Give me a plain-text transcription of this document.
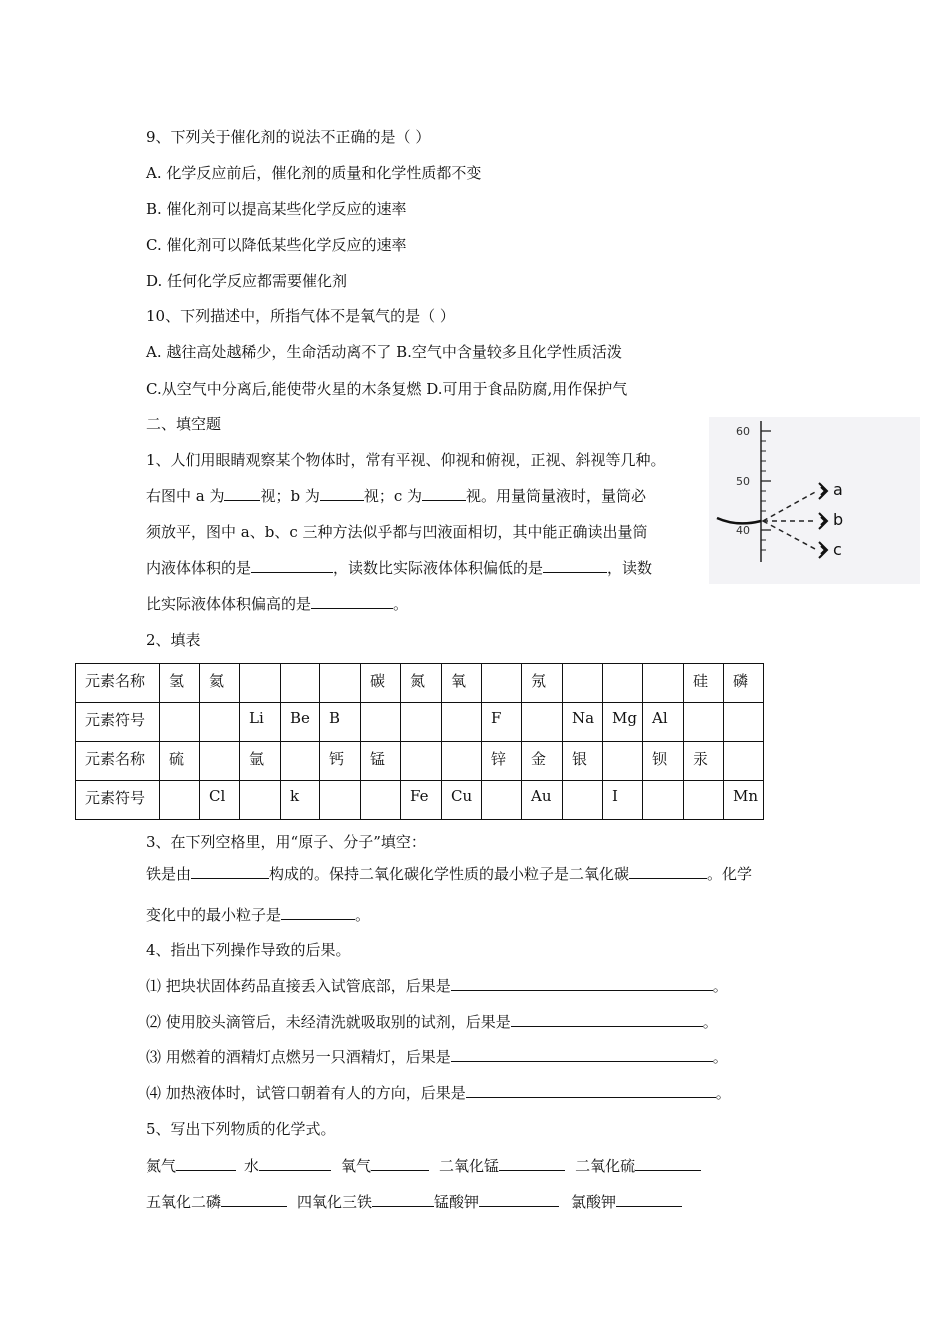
9、下列关于催化剂的说法不正确的是（ ）
A. 化学反应前后，催化剂的质量和化学性质都不变
B. 催化剂可以提高某些化学反应的速率
C. 催化剂可以降低某些化学反应的速率
D. 任何化学反应都需要催化剂
10、下列描述中，所指气体不是氧气的是（ ）
A. 越往高处越稀少，生命活动离不了 B.空气中含量较多且化学性质活泼
C.从空气中分离后,能使带火星的木条复燃 D.可用于食品防腐,用作保护气
二、填空题
1、人们用眼睛观察某个物体时，常有平视、仰视和俯视，正视、斜视等几种。
右图中 a 为 视；b 为	视；c 为	视。用量筒量液时，量筒必
须放平，图中 a、b、c 三种方法似乎都与凹液面相切，其中能正确读出量筒
内液体体积的是	，读数比实际液体体积偏低的是	，读数
比实际液体体积偏高的是	。
60
50
40
a
b
c
2、填表
元素名称	氢	氦				碳	氮	氧		氖				硅	磷
元素符号			Li	Be	B				F		Na	Mg	Al		
元素名称	硫		氩		钙	锰			锌	金	银		钡	汞	
元素符号		Cl		k			Fe	Cu		Au		I			Mn
3、在下列空格里，用“原子、分子”填空：
铁是由	构成的。保持二氧化碳化学性质的最小粒子是二氧化碳	。化学
变化中的最小粒子是	。
4、指出下列操作导致的后果。
⑴ 把块状固体药品直接丢入试管底部，后果是	。
⑵ 使用胶头滴管后，未经清洗就吸取别的试剂，后果是	。
⑶ 用燃着的酒精灯点燃另一只酒精灯，后果是	。
⑷ 加热液体时，试管口朝着有人的方向，后果是	。
5、写出下列物质的化学式。
氮气	水	氧气	二氧化锰	二氧化硫
五氧化二磷	四氧化三铁	锰酸钾	氯酸钾
